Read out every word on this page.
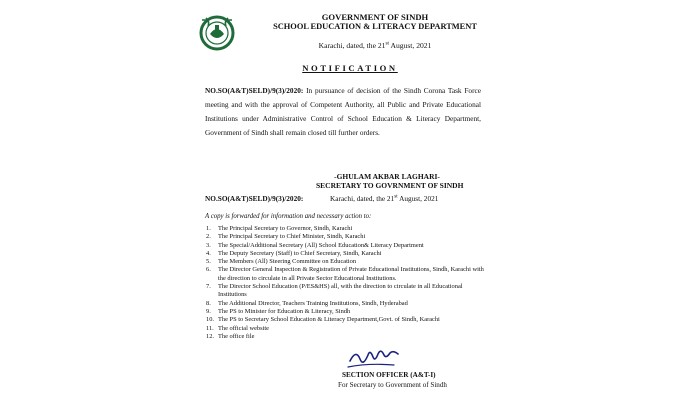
GOVERNMENT OF SINDH
SCHOOL EDUCATION & LITERACY DEPARTMENT
Karachi, dated, the 21st August, 2021
NOTIFICATION
NO.SO(A&T)SELD)/9(3)/2020: In pursuance of decision of the Sindh Corona Task Force meeting and with the approval of Competent Authority, all Public and Private Educational Institutions under Administrative Control of School Education & Literacy Department, Government of Sindh shall remain closed till further orders.
-GHULAM AKBAR LAGHARI-
SECRETARY TO GOVRNMENT OF SINDH
NO.SO(A&T)SELD)/9(3)/2020:	Karachi, dated, the 21st August, 2021
A copy is forwarded for information and necessary action to:
1. The Principal Secretary to Governor, Sindh, Karachi
2. The Principal Secretary to Chief Minister, Sindh, Karachi
3. The Special/Additional Secretary (All) School Education& Literacy Department
4. The Deputy Secretary (Staff) to Chief Secretary, Sindh, Karachi
5. The Members (All) Steering Committee on Education
6. The Director General Inspection & Registration of Private Educational Institutions, Sindh, Karachi with the direction to circulate in all Private Sector Educational Institutions.
7. The Director School Education (P/ES&HS) all, with the direction to circulate in all Educational Institutions
8. The Additional Director, Teachers Training Institutions, Sindh, Hyderabad
9. The PS to Minister for Education & Literacy, Sindh
10. The PS to Secretary School Education & Literacy Department,Govt. of Sindh, Karachi
11. The official website
12. The office file
SECTION OFFICER (A&T-I)
For Secretary to Government of Sindh
